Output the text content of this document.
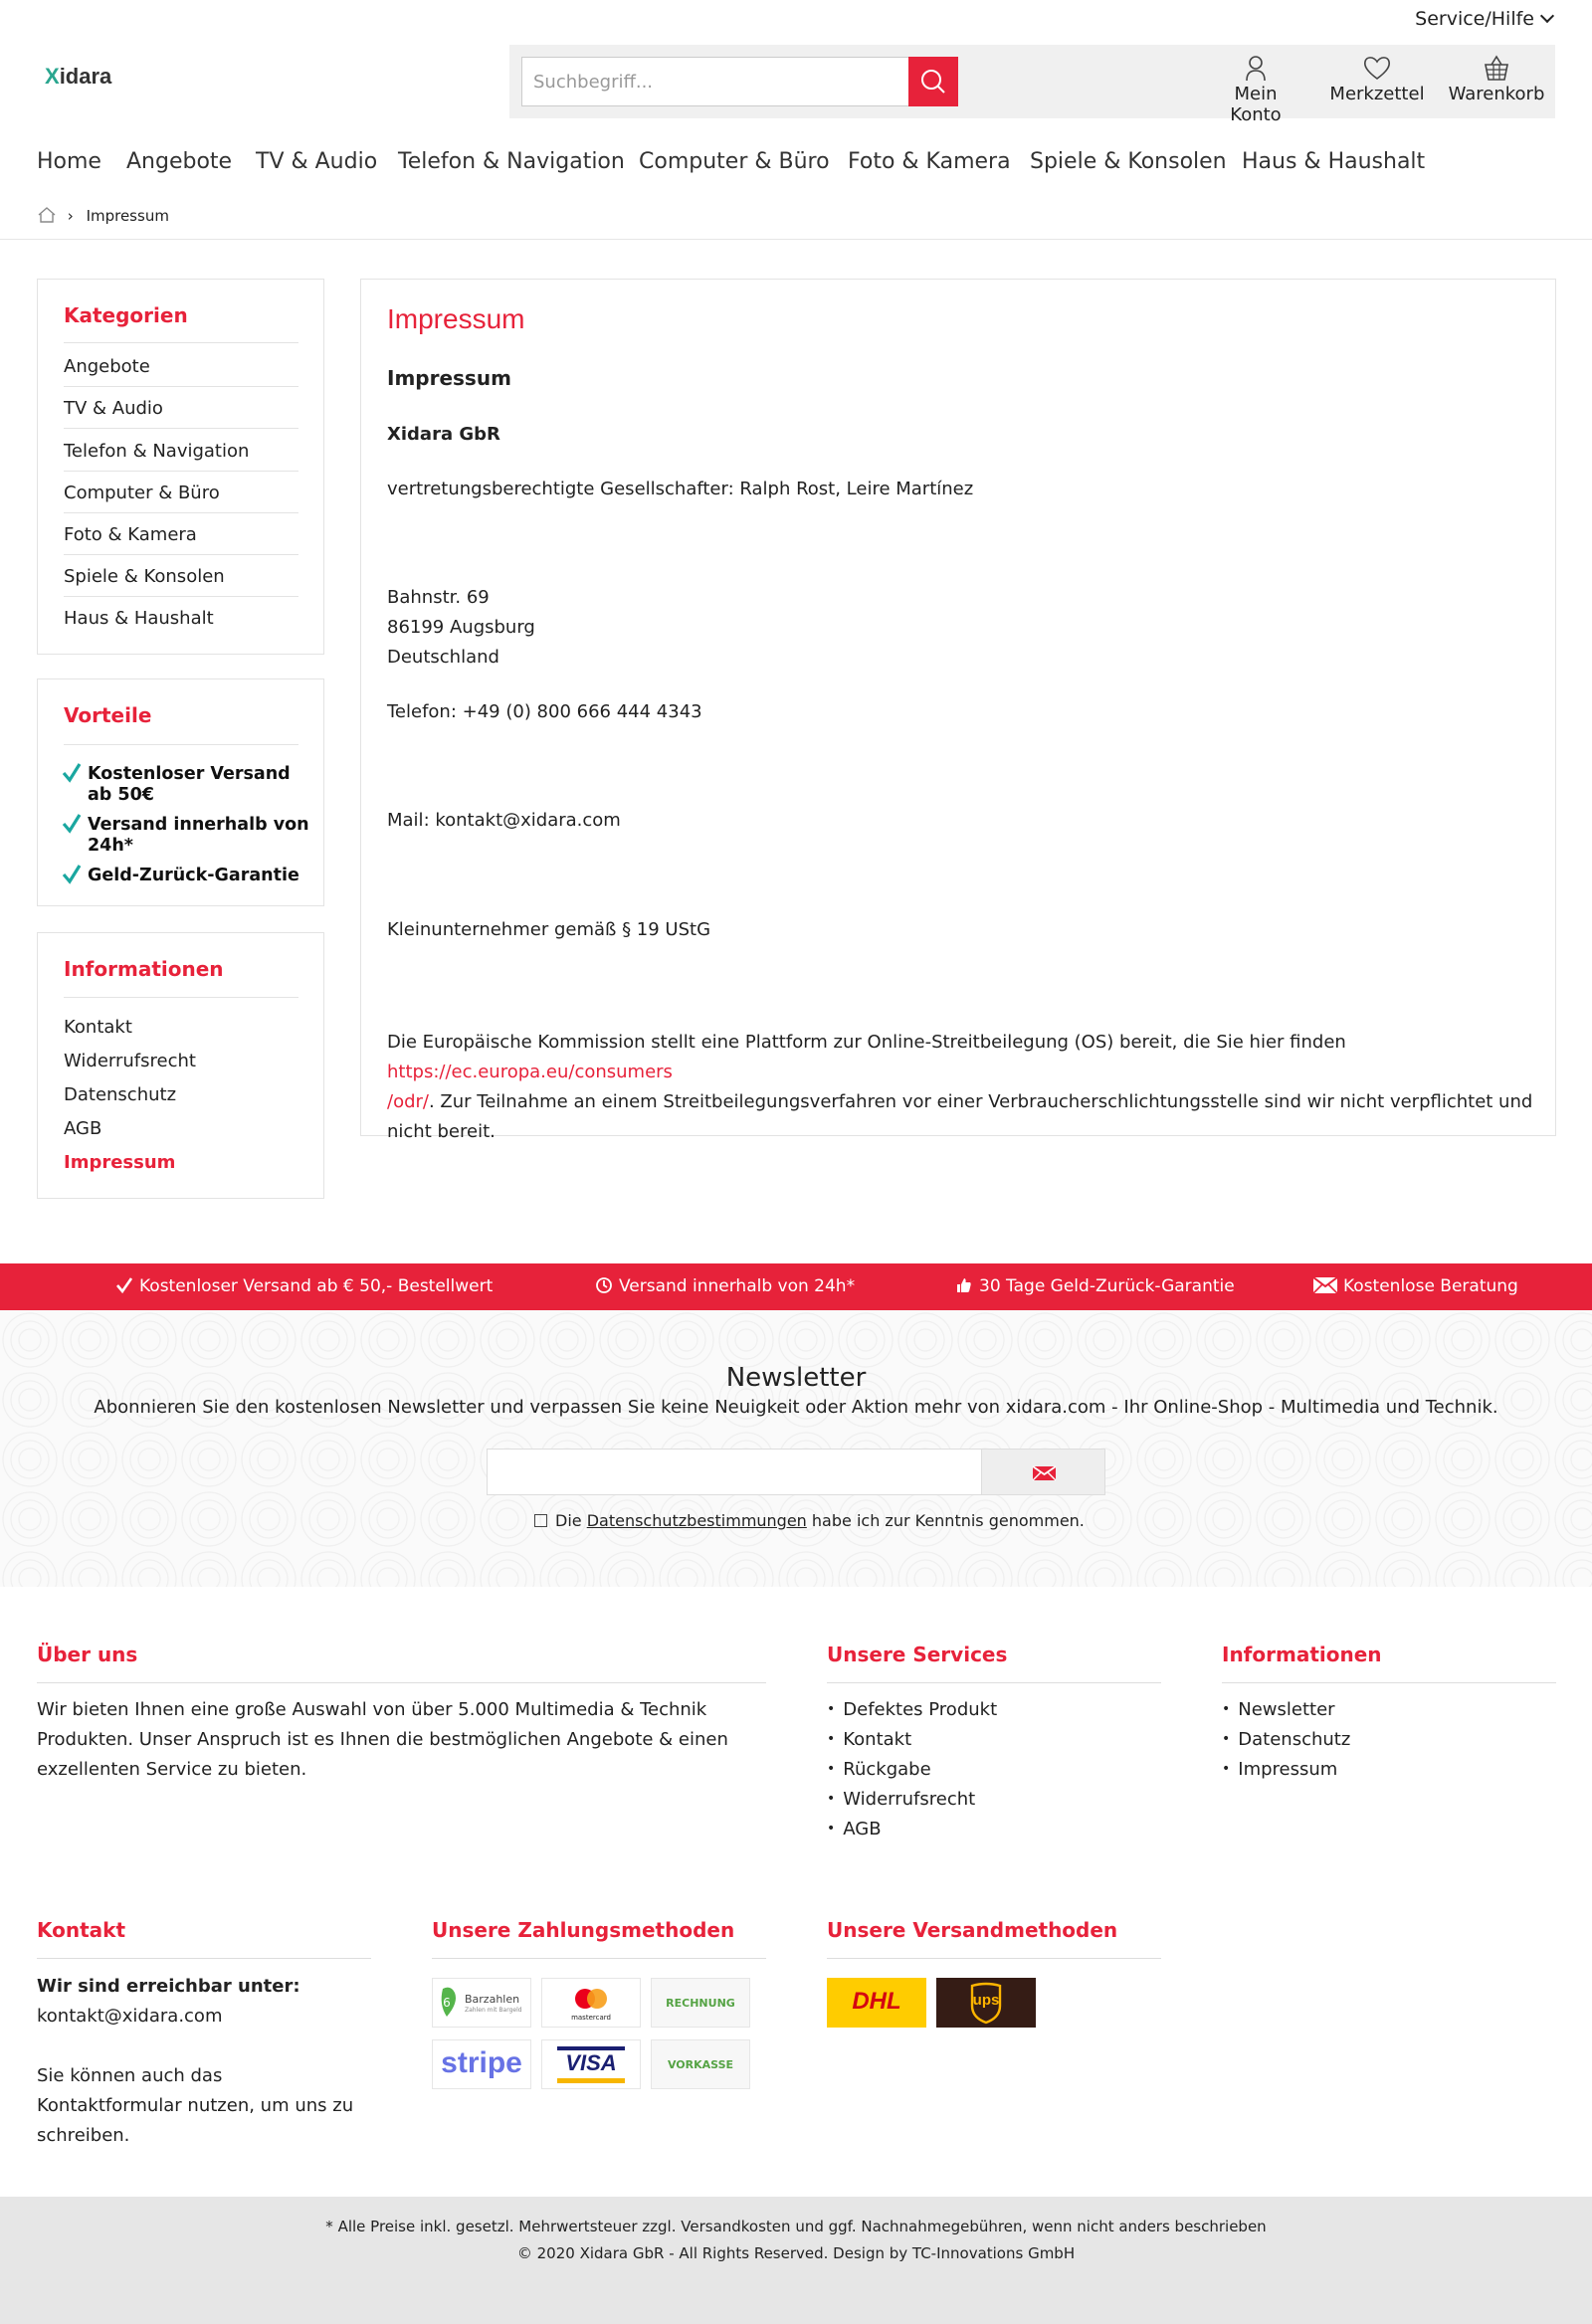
Service/Hilfe
Xidara	Suchbegriff...
Mein Konto
Merkzettel Warenkorb
Home Angebote TV & Audio Telefon & Navigation Computer & Büro Foto & Kamera Spiele & Konsolen Haus & Haushalt
› Impressum
Kategorien
Angebote
TV & Audio
Telefon & Navigation
Computer & Büro
Foto & Kamera
Spiele & Konsolen
Haus & Haushalt
Vorteile
Kostenloser Versand ab 50€
Versand innerhalb von 24h*
Geld-Zurück-Garantie
Informationen
Kontakt
Widerrufsrecht
Datenschutz
AGB
Impressum
Impressum
Impressum
Xidara GbR
vertretungsberechtigte Gesellschafter: Ralph Rost, Leire Martínez
Bahnstr. 69
86199 Augsburg
Deutschland
Telefon: +49 (0) 800 666 444 4343
Mail: kontakt@xidara.com
Kleinunternehmer gemäß § 19 UStG
Die Europäische Kommission stellt eine Plattform zur Online-Streitbeilegung (OS) bereit, die Sie hier finden https://ec.europa.eu/consumers
/odr/. Zur Teilnahme an einem Streitbeilegungsverfahren vor einer Verbraucherschlichtungsstelle sind wir nicht verpflichtet und nicht bereit.
Kostenloser Versand ab € 50,- Bestellwert	Versand innerhalb von 24h*	30 Tage Geld-Zurück-Garantie	Kostenlose Beratung
Newsletter
Abonnieren Sie den kostenlosen Newsletter und verpassen Sie keine Neuigkeit oder Aktion mehr von xidara.com - Ihr Online-Shop - Multimedia und Technik.
Die Datenschutzbestimmungen habe ich zur Kenntnis genommen.
Über uns
Wir bieten Ihnen eine große Auswahl von über 5.000 Multimedia & Technik Produkten. Unser Anspruch ist es Ihnen die bestmöglichen Angebote & einen exzellenten Service zu bieten.
Unsere Services
• Defektes Produkt
• Kontakt
• Rückgabe
• Widerrufsrecht
• AGB
Informationen
• Newsletter
• Datenschutz
• Impressum
Kontakt
Wir sind erreichbar unter:
kontakt@xidara.com
Sie können auch das Kontaktformular nutzen, um uns zu schreiben.
Unsere Zahlungsmethoden
6 Barzahlen
Zahlen mit Bargeld
mastercard
RECHNUNG
stripe	VISA	VORKASSE
Unsere Versandmethoden
DHL	ups
* Alle Preise inkl. gesetzl. Mehrwertsteuer zzgl. Versandkosten und ggf. Nachnahmegebühren, wenn nicht anders beschrieben
© 2020 Xidara GbR - All Rights Reserved. Design by TC-Innovations GmbH
